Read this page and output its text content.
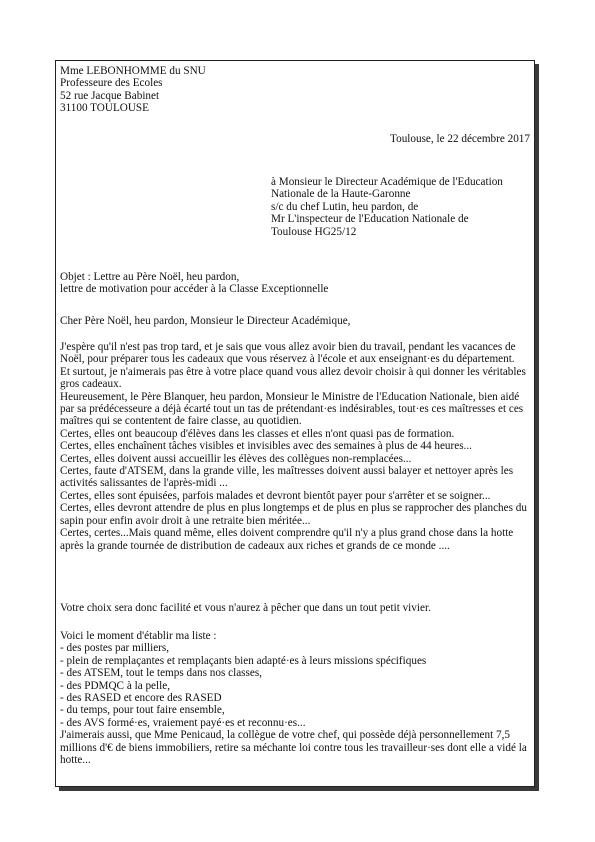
Mme LEBONHOMME du SNU
Professeure des Ecoles
52 rue Jacque Babinet
31100 TOULOUSE
Toulouse, le 22 décembre 2017
à Monsieur le Directeur Académique de l'Education
Nationale de la Haute-Garonne
s/c du chef Lutin, heu pardon, de
Mr L'inspecteur de l'Education Nationale de
Toulouse HG25/12
Objet : Lettre au Père Noël, heu pardon,
lettre de motivation pour accéder à la Classe Exceptionnelle
Cher Père Noël, heu pardon, Monsieur le Directeur Académique,

J'espère qu'il n'est pas trop tard, et je sais que vous allez avoir bien du travail, pendant les vacances de Noël, pour préparer tous les cadeaux que vous réservez à l'école et aux enseignant·es du département.

Et surtout, je n'aimerais pas être à votre place quand vous allez devoir choisir à qui donner les véritables gros cadeaux.

Heureusement, le Père Blanquer, heu pardon, Monsieur le Ministre de l'Education Nationale, bien aidé par sa prédécesseure a déjà écarté tout un tas de prétendant·es indésirables, tout·es ces maîtresses et ces maîtres qui se contentent de faire classe, au quotidien.

Certes, elles ont beaucoup d'élèves dans les classes et elles n'ont quasi pas de formation.

Certes, elles enchaînent tâches visibles et invisibles avec des semaines à plus de 44 heures...

Certes, elles doivent aussi accueillir les élèves des collègues non-remplacées...

Certes, faute d'ATSEM, dans la grande ville, les maîtresses doivent aussi balayer et nettoyer après les activités salissantes de l'après-midi ...

Certes, elles sont épuisées, parfois malades et devront bientôt payer pour s'arrêter et se soigner...

Certes, elles devront attendre de plus en plus longtemps et de plus en plus se rapprocher des planches du sapin pour enfin avoir droit à une retraite bien méritée...

Certes, certes...Mais quand même, elles doivent comprendre qu'il n'y a plus grand chose dans la hotte après la grande tournée de distribution de cadeaux aux riches et grands de ce monde ....

Votre choix sera donc facilité et vous n'aurez à pêcher que dans un tout petit vivier.
Voici le moment d'établir ma liste :
- des postes par milliers,
- plein de remplaçantes et remplaçants bien adapté·es à leurs missions spécifiques
- des ATSEM, tout le temps dans nos classes,
- des PDMQC à la pelle,
- des RASED et encore des RASED
- du temps, pour tout faire ensemble,
- des AVS formé·es, vraiement payé·es et reconnu·es...

J'aimerais aussi, que Mme Penicaud, la collègue de votre chef, qui possède déjà personnellement 7,5 millions d'€ de biens immobiliers, retire sa méchante loi contre tous les travailleur·ses dont elle a vidé la hotte...
